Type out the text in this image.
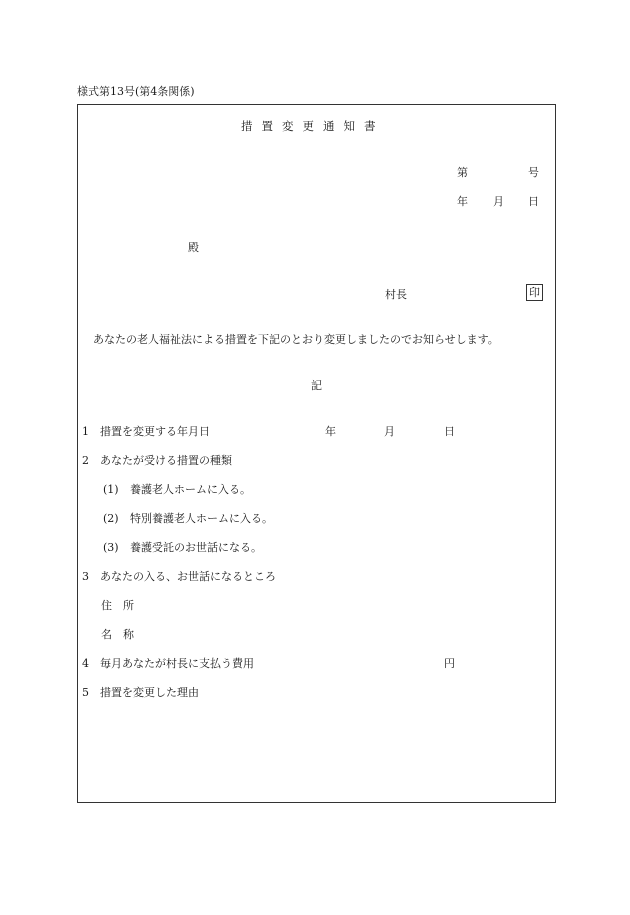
様式第13号(第4条関係)
措置変更通知書
第	号
年 月 日
殿
村長	印
あなたの老人福祉法による措置を下記のとおり変更しましたのでお知らせします。
記
1 措置を変更する年月日	年	月	日
2 あなたが受ける措置の種類
(1) 養護老人ホームに入る。
(2) 特別養護老人ホームに入る。
(3) 養護受託のお世話になる。
3 あなたの入る、お世話になるところ
住　所
名　称
4 毎月あなたが村長に支払う費用	円
5 措置を変更した理由
